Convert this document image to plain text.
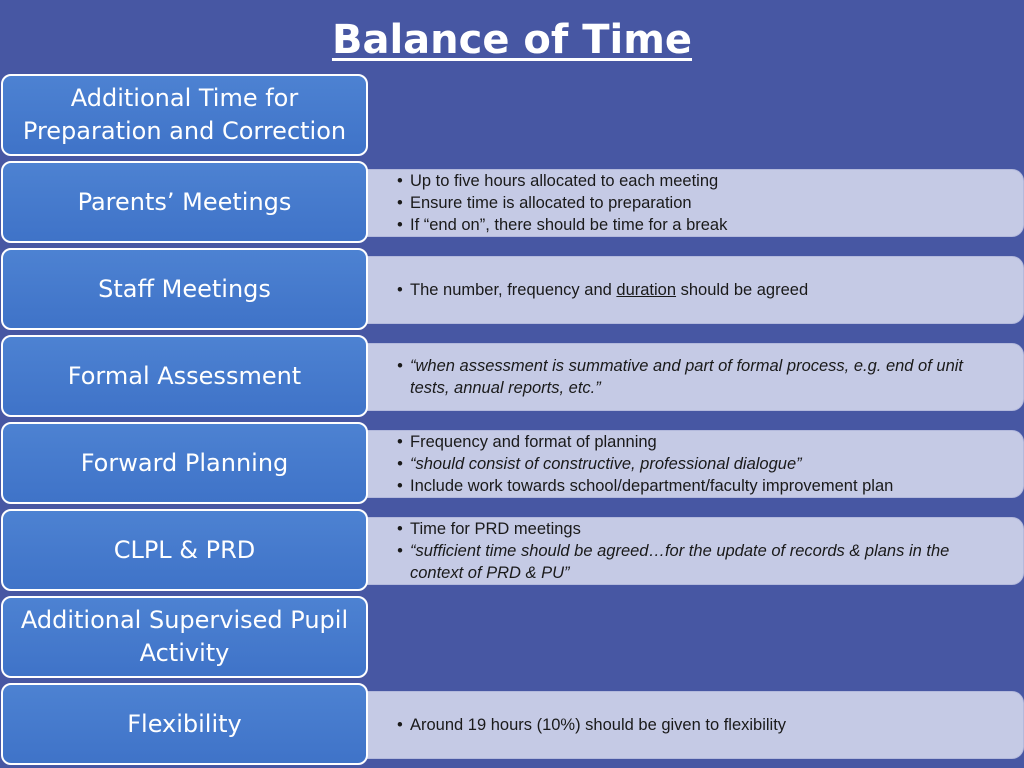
Balance of Time
Additional Time for Preparation and Correction
• Up to five hours allocated to each meeting
• Ensure time is allocated to preparation
• If “end on”, there should be time for a break
Parents’ Meetings
• The number, frequency and duration should be agreed
Staff Meetings
• “when assessment is summative and part of formal process, e.g. end of unit tests, annual reports, etc.”
Formal Assessment
• Frequency and format of planning
• “should consist of constructive, professional dialogue”
• Include work towards school/department/faculty improvement plan
Forward Planning
• Time for PRD meetings
• “sufficient time should be agreed…for the update of records & plans in the context of PRD & PU”
CLPL & PRD
Additional Supervised Pupil Activity
• Around 19 hours (10%) should be given to flexibility
Flexibility
